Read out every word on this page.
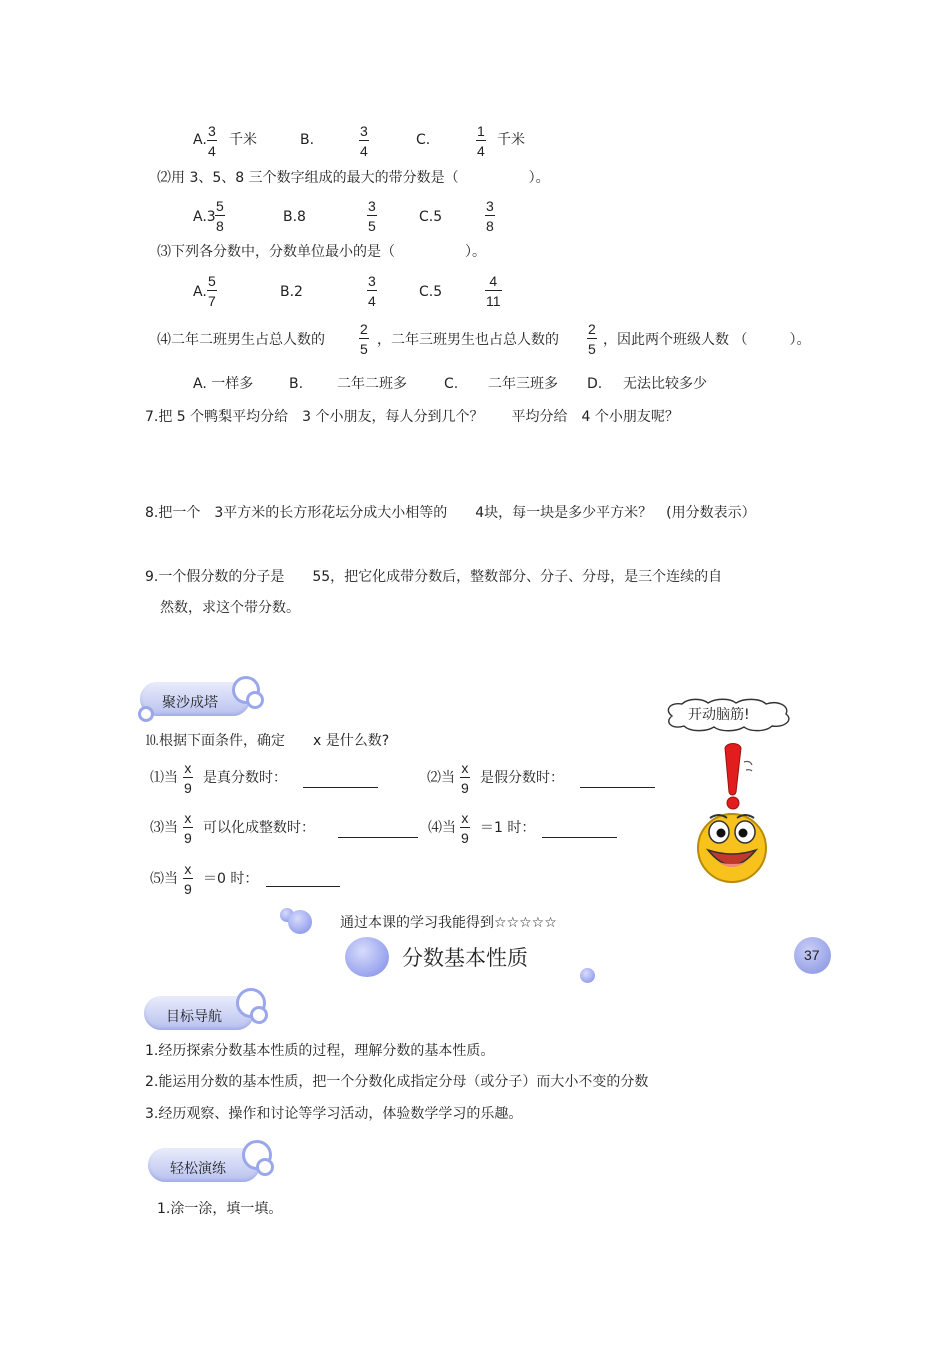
A. $\frac{3}{4}$ 千米	B.	$\frac{3}{4}$	C.	$\frac{1}{4}$ 千米
⑵用 3、5、8 三个数字组成的最大的带分数是（　　　　　）。
$A.3 \frac{5}{8}$	B.8	$\frac{3}{5}$	C.5	$\frac{3}{8}$
⑶下列各分数中，分数单位最小的是（　　　　　）。
A. $\frac{5}{7}$	B.2	$\frac{3}{4}$	C.5	$\frac{4}{11}$
⑷二年二班男生占总人数的 $\frac{2}{5}$ ，二年三班男生也占总人数的 $\frac{2}{5}$ ，因此两个班级人数 （　　　）。
A. 一样多	B. 二年二班多	C. 二年三班多 D. 无法比较多少
7.把 5 个鸭梨平均分给　3 个小朋友，每人分到几个？　　平均分给　4 个小朋友呢？
8.把一个　3平方米的长方形花坛分成大小相等的　　4块，每一块是多少平方米？　(用分数表示）
9.一个假分数的分子是　　55，把它化成带分数后，整数部分、分子、分母，是三个连续的自
然数，求这个带分数。
聚沙成塔
开动脑筋!
⒑根据下面条件，确定　　x 是什么数?
⑴当 $\frac{x}{9}$ 是真分数时：	⑵当 $\frac{x}{9}$ 是假分数时：
⑶当 $\frac{x}{9}$ 可以化成整数时：	⑷当 $\frac{x}{9} =1$ 时：
⑸当 $\frac{x}{9} =0$ 时：
通过本课的学习我能得到☆☆☆☆☆
分数基本性质	37
目标导航
1.经历探索分数基本性质的过程，理解分数的基本性质。
2.能运用分数的基本性质，把一个分数化成指定分母（或分子）而大小不变的分数
3.经历观察、操作和讨论等学习活动，体验数学学习的乐趣。
轻松演练
1.涂一涂，填一填。
